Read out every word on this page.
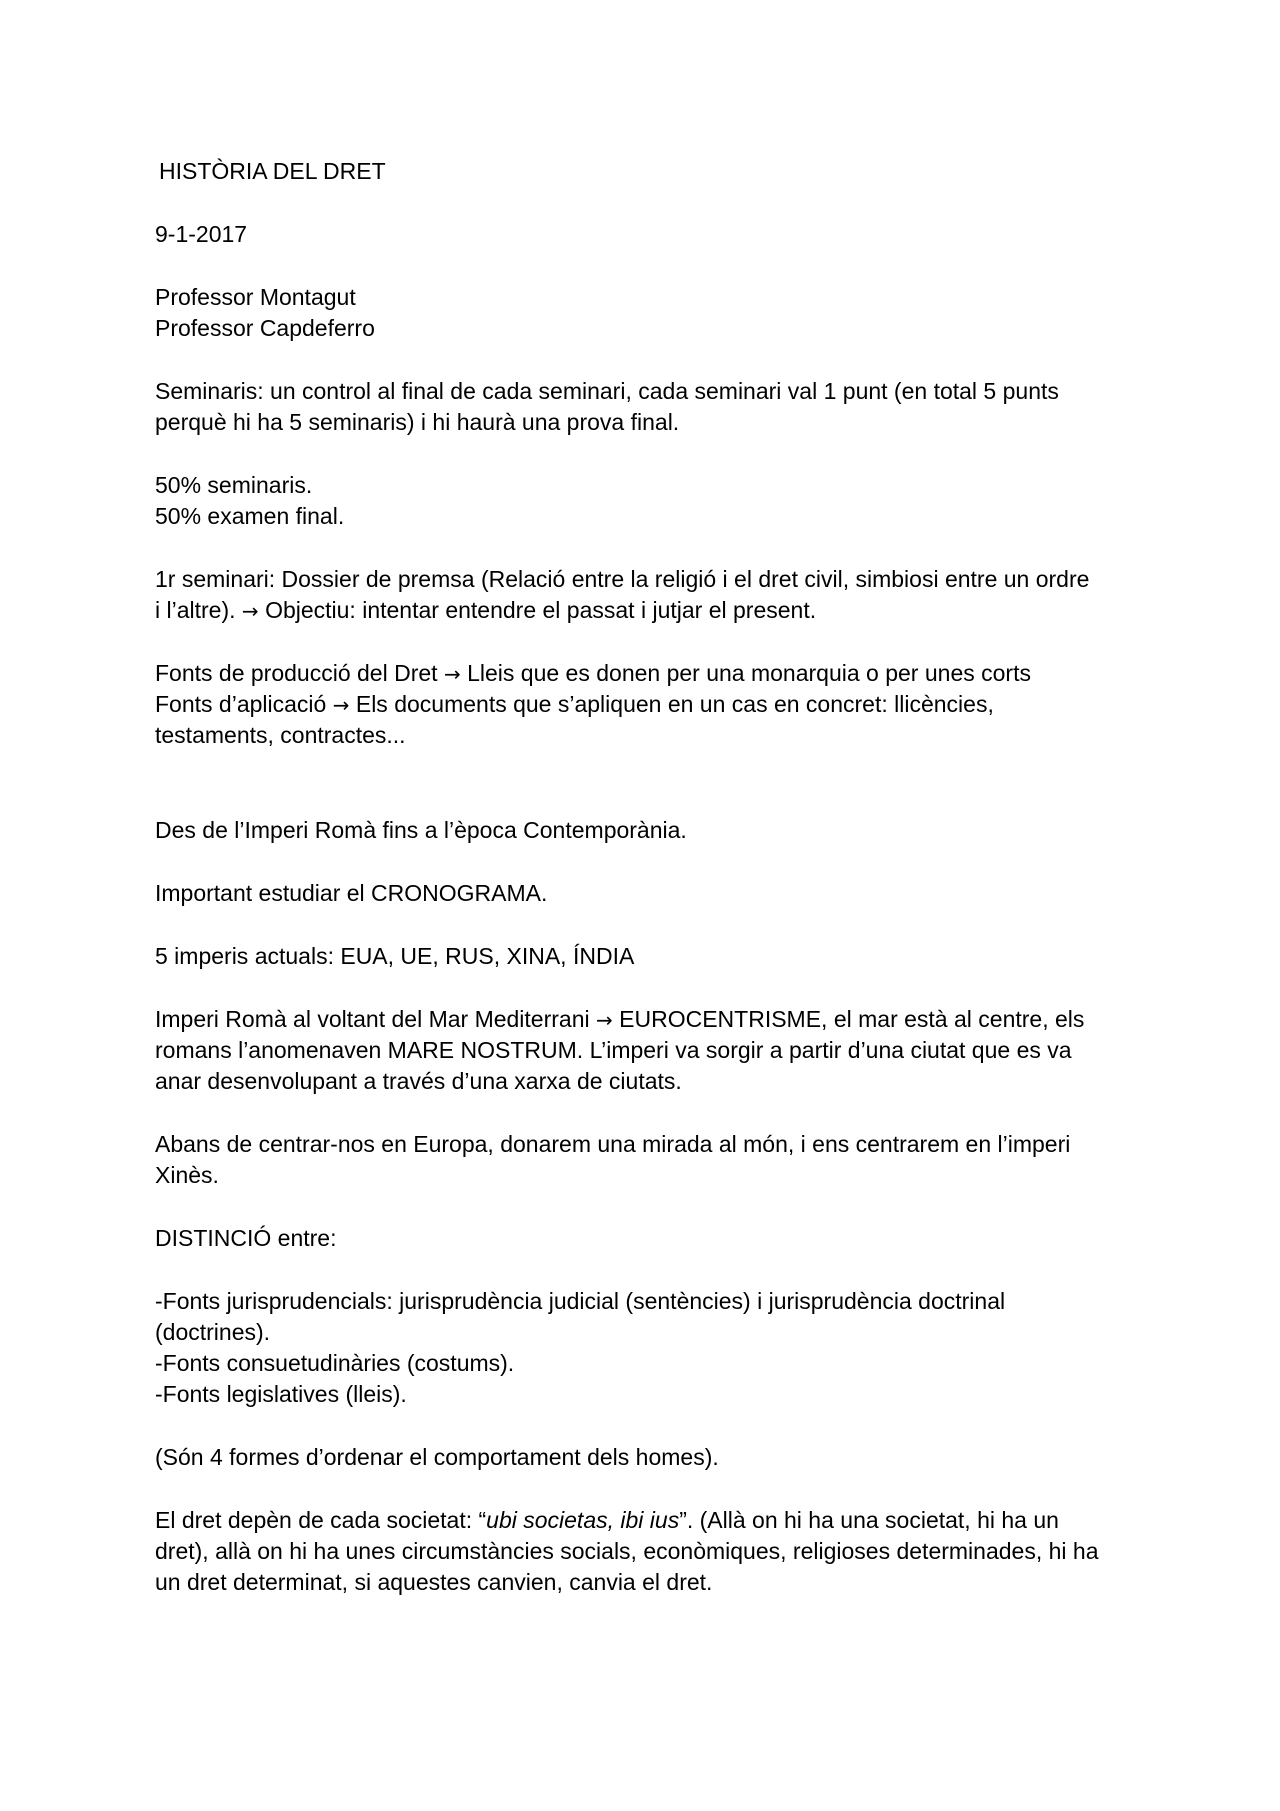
HISTÒRIA DEL DRET
9-1-2017
Professor Montagut
Professor Capdeferro
Seminaris: un control al final de cada seminari, cada seminari val 1 punt (en total 5 punts
perquè hi ha 5 seminaris) i hi haurà una prova final.
50% seminaris.
50% examen final.
1r seminari: Dossier de premsa (Relació entre la religió i el dret civil, simbiosi entre un ordre
i l’altre). → Objectiu: intentar entendre el passat i jutjar el present.
Fonts de producció del Dret → Lleis que es donen per una monarquia o per unes corts
Fonts d’aplicació → Els documents que s’apliquen en un cas en concret: llicències,
testaments, contractes...
Des de l’Imperi Romà fins a l’època Contemporània.
Important estudiar el CRONOGRAMA.
5 imperis actuals: EUA, UE, RUS, XINA, ÍNDIA
Imperi Romà al voltant del Mar Mediterrani → EUROCENTRISME, el mar està al centre, els
romans l’anomenaven MARE NOSTRUM. L’imperi va sorgir a partir d’una ciutat que es va
anar desenvolupant a través d’una xarxa de ciutats.
Abans de centrar-nos en Europa, donarem una mirada al món, i ens centrarem en l’imperi
Xinès.
DISTINCIÓ entre:
-Fonts jurisprudencials: jurisprudència judicial (sentències) i jurisprudència doctrinal
(doctrines).
-Fonts consuetudinàries (costums).
-Fonts legislatives (lleis).
(Són 4 formes d’ordenar el comportament dels homes).
El dret depèn de cada societat: “ubi societas, ibi ius”. (Allà on hi ha una societat, hi ha un
dret), allà on hi ha unes circumstàncies socials, econòmiques, religioses determinades, hi ha
un dret determinat, si aquestes canvien, canvia el dret.
